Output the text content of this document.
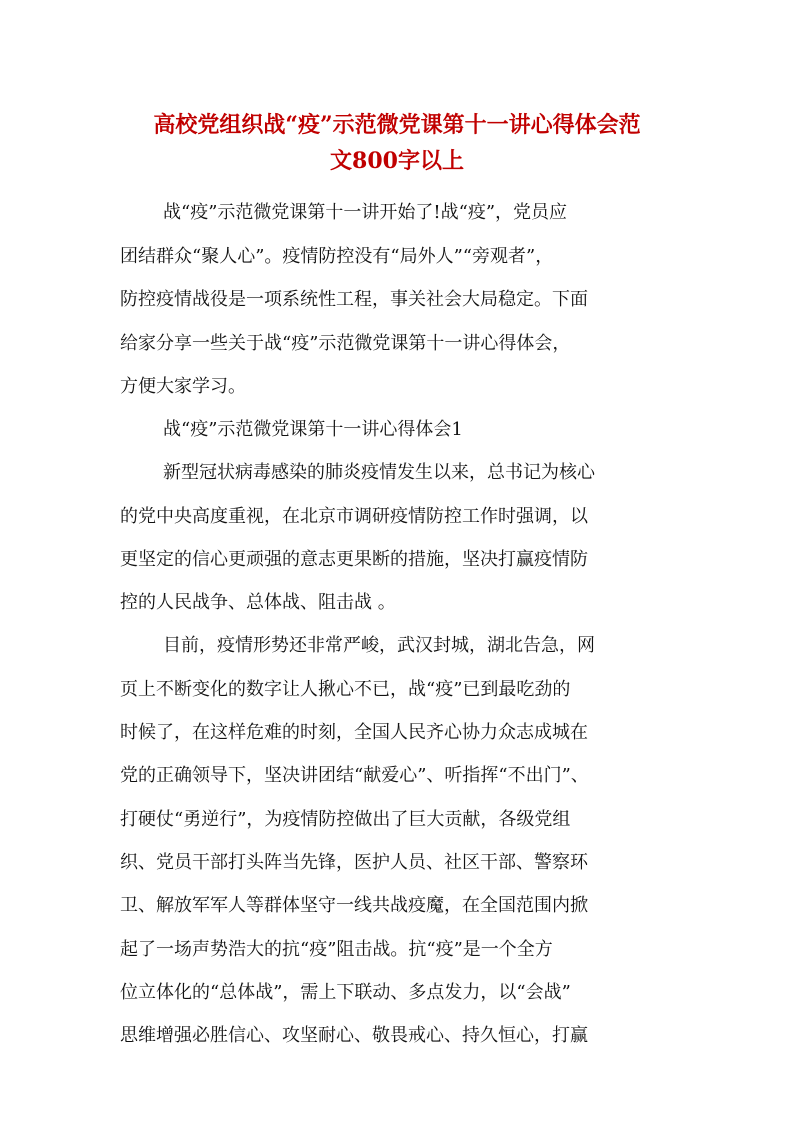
高校党组织战“疫”示范微党课第十一讲心得体会范
文800字以上
战“疫”示范微党课第十一讲开始了!战“疫”，党员应
团结群众“聚人心”。疫情防控没有“局外人”“旁观者”，
防控疫情战役是一项系统性工程，事关社会大局稳定。下面
给家分享一些关于战“疫”示范微党课第十一讲心得体会，
方便大家学习。
战“疫”示范微党课第十一讲心得体会1
新型冠状病毒感染的肺炎疫情发生以来，总书记为核心
的党中央高度重视，在北京市调研疫情防控工作时强调，以
更坚定的信心更顽强的意志更果断的措施，坚决打赢疫情防
控的人民战争、总体战、阻击战 。
目前，疫情形势还非常严峻，武汉封城，湖北告急，网
页上不断变化的数字让人揪心不已，战“疫”已到最吃劲的
时候了，在这样危难的时刻，全国人民齐心协力众志成城在
党的正确领导下，坚决讲团结“献爱心”、听指挥“不出门”、
打硬仗“勇逆行”，为疫情防控做出了巨大贡献，各级党组
织、党员干部打头阵当先锋，医护人员、社区干部、警察环
卫、解放军军人等群体坚守一线共战疫魔，在全国范围内掀
起了一场声势浩大的抗“疫”阻击战。抗“疫”是一个全方
位立体化的“总体战”，需上下联动、多点发力，以“会战”
思维增强必胜信心、攻坚耐心、敬畏戒心、持久恒心，打赢
